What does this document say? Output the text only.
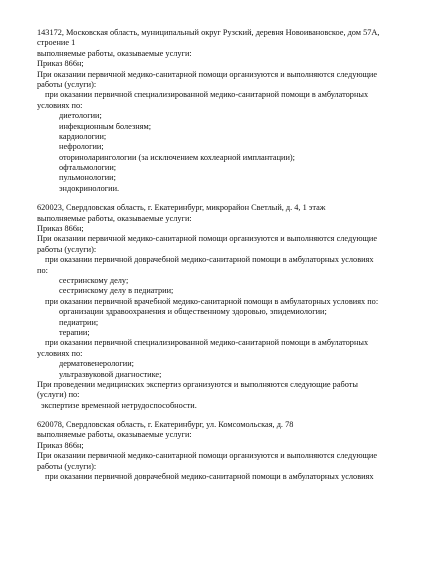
143172, Московская область, муниципальный округ Рузский, деревня Новоивановское, дом 57А,
строение 1
выполняемые работы, оказываемые услуги:
Приказ 866н;
При оказании первичной медико-санитарной помощи организуются и выполняются следующие
работы (услуги):
при оказании первичной специализированной медико-санитарной помощи в амбулаторных
условиях по:
диетологии;
инфекционным болезням;
кардиологии;
нефрологии;
оториноларингологии (за исключением кохлеарной имплантации);
офтальмологии;
пульмонологии;
эндокринологии.
620023, Свердловская область, г. Екатеринбург, микрорайон Светлый, д. 4, 1 этаж
выполняемые работы, оказываемые услуги:
Приказ 866н;
При оказании первичной медико-санитарной помощи организуются и выполняются следующие
работы (услуги):
при оказании первичной доврачебной медико-санитарной помощи в амбулаторных условиях
по:
сестринскому делу;
сестринскому делу в педиатрии;
при оказании первичной врачебной медико-санитарной помощи в амбулаторных условиях по:
организации здравоохранения и общественному здоровью, эпидемиологии;
педиатрии;
терапии;
при оказании первичной специализированной медико-санитарной помощи в амбулаторных
условиях по:
дерматовенерологии;
ультразвуковой диагностике;
При проведении медицинских экспертиз организуются и выполняются следующие работы
(услуги) по:
экспертизе временной нетрудоспособности.
620078, Свердловская область, г. Екатеринбург, ул. Комсомольская, д. 78
выполняемые работы, оказываемые услуги:
Приказ 866н;
При оказании первичной медико-санитарной помощи организуются и выполняются следующие
работы (услуги):
при оказании первичной доврачебной медико-санитарной помощи в амбулаторных условиях
